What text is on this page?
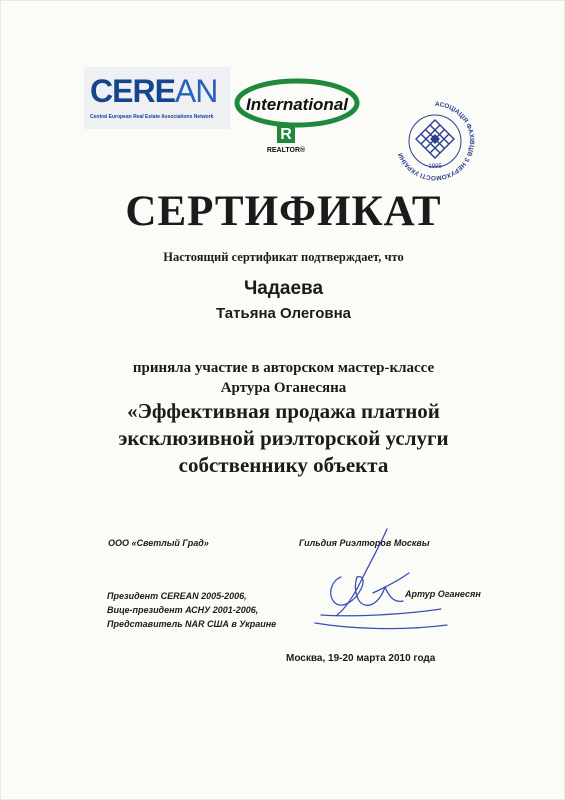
CEREAN
Central European Real Estate Associations Network
International
R
REALTOR®
АСОЦІАЦІЯ ФАХІВЦІВ З НЕРУХОМОСТІ УКРАЇНИ
1995
СЕРТИФИКАТ
Настоящий сертификат подтверждает, что
Чадаева
Татьяна Олеговна
приняла участие в авторском мастер-классе
Артура Оганесяна
«Эффективная продажа платной
эксклюзивной риэлторской услуги
собственнику объекта
ООО «Светлый Град»	Гильдия Риэлторов Москвы
Президент CEREAN 2005-2006,
Вице-президент АСНУ 2001-2006,
Представитель NAR США в Украине
Артур Оганесян
Москва, 19-20 марта 2010 года
